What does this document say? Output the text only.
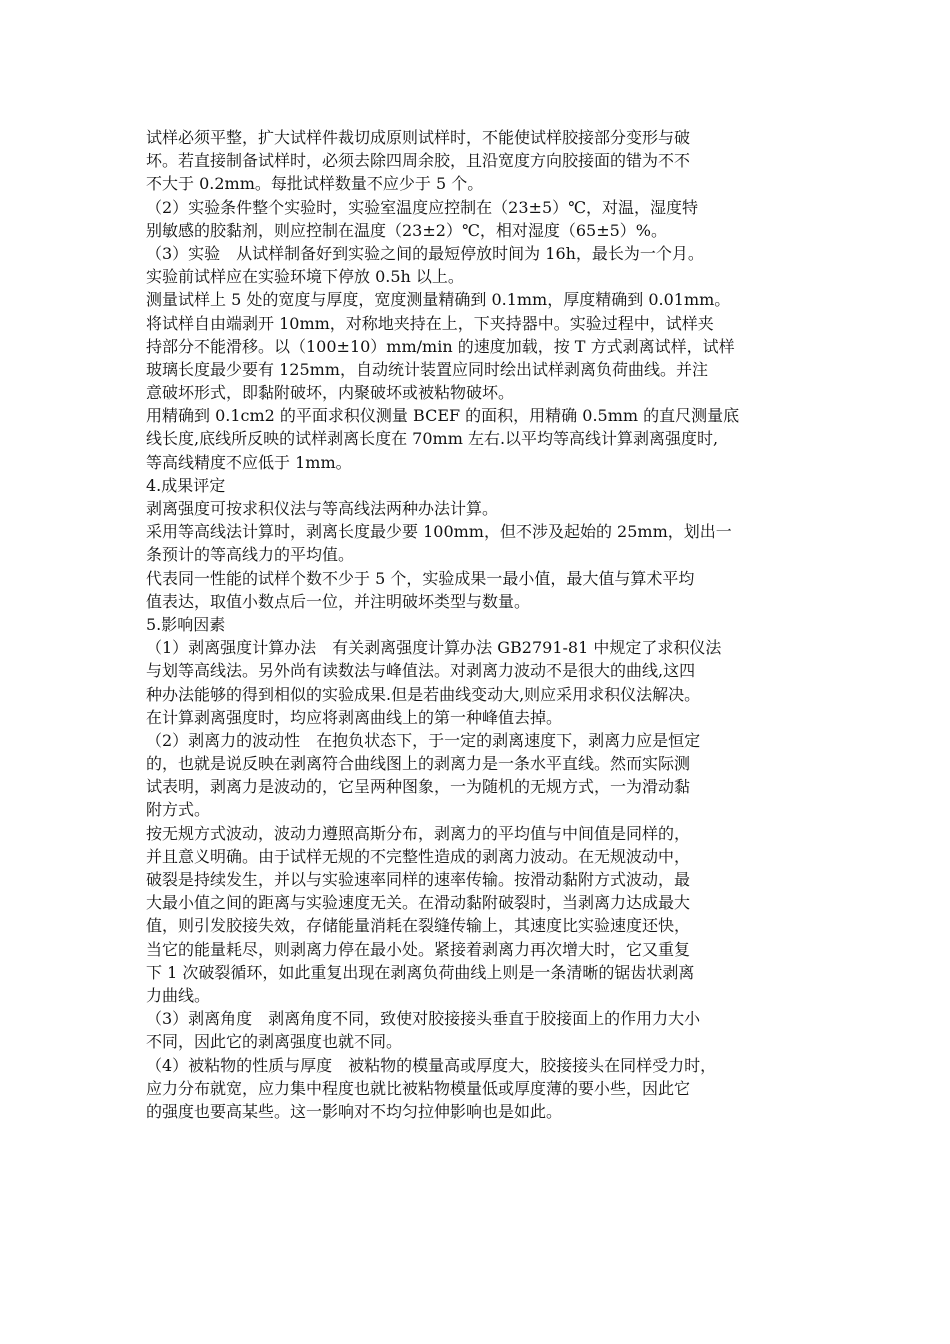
试样必须平整，扩大试样件裁切成原则试样时，不能使试样胶接部分变形与破
坏。若直接制备试样时，必须去除四周余胶，且沿宽度方向胶接面的错为不不
不大于 0.2mm。每批试样数量不应少于 5 个。
（2）实验条件整个实验时，实验室温度应控制在（23±5）℃，对温，湿度特
别敏感的胶黏剂，则应控制在温度（23±2）℃，相对湿度（65±5）%。
（3）实验　从试样制备好到实验之间的最短停放时间为 16h，最长为一个月。
实验前试样应在实验环境下停放 0.5h 以上。
测量试样上 5 处的宽度与厚度，宽度测量精确到 0.1mm，厚度精确到 0.01mm。
将试样自由端剥开 10mm，对称地夹持在上，下夹持器中。实验过程中，试样夹
持部分不能滑移。以（100±10）mm/min 的速度加载，按 T 方式剥离试样，试样
玻璃长度最少要有 125mm，自动统计装置应同时绘出试样剥离负荷曲线。并注
意破坏形式，即黏附破坏，内聚破坏或被粘物破坏。
用精确到 0.1cm2 的平面求积仪测量 BCEF 的面积，用精确 0.5mm 的直尺测量底
线长度,底线所反映的试样剥离长度在 70mm 左右.以平均等高线计算剥离强度时,
等高线精度不应低于 1mm。
4.成果评定
剥离强度可按求积仪法与等高线法两种办法计算。
采用等高线法计算时，剥离长度最少要 100mm，但不涉及起始的 25mm，划出一
条预计的等高线力的平均值。
代表同一性能的试样个数不少于 5 个，实验成果一最小值，最大值与算术平均
值表达，取值小数点后一位，并注明破坏类型与数量。
5.影响因素
（1）剥离强度计算办法　有关剥离强度计算办法 GB2791-81 中规定了求积仪法
与划等高线法。另外尚有读数法与峰值法。对剥离力波动不是很大的曲线,这四
种办法能够的得到相似的实验成果.但是若曲线变动大,则应采用求积仪法解决。
在计算剥离强度时，均应将剥离曲线上的第一种峰值去掉。
（2）剥离力的波动性　在抱负状态下，于一定的剥离速度下，剥离力应是恒定
的，也就是说反映在剥离符合曲线图上的剥离力是一条水平直线。然而实际测
试表明，剥离力是波动的，它呈两种图象，一为随机的无规方式，一为滑动黏
附方式。
按无规方式波动，波动力遵照高斯分布，剥离力的平均值与中间值是同样的，
并且意义明确。由于试样无规的不完整性造成的剥离力波动。在无规波动中，
破裂是持续发生，并以与实验速率同样的速率传输。按滑动黏附方式波动，最
大最小值之间的距离与实验速度无关。在滑动黏附破裂时，当剥离力达成最大
值，则引发胶接失效，存储能量消耗在裂缝传输上，其速度比实验速度还快，
当它的能量耗尽，则剥离力停在最小处。紧接着剥离力再次增大时，它又重复
下 1 次破裂循环，如此重复出现在剥离负荷曲线上则是一条清晰的锯齿状剥离
力曲线。
（3）剥离角度　剥离角度不同，致使对胶接接头垂直于胶接面上的作用力大小
不同，因此它的剥离强度也就不同。
（4）被粘物的性质与厚度　被粘物的模量高或厚度大，胶接接头在同样受力时，
应力分布就宽，应力集中程度也就比被粘物模量低或厚度薄的要小些，因此它
的强度也要高某些。这一影响对不均匀拉伸影响也是如此。
